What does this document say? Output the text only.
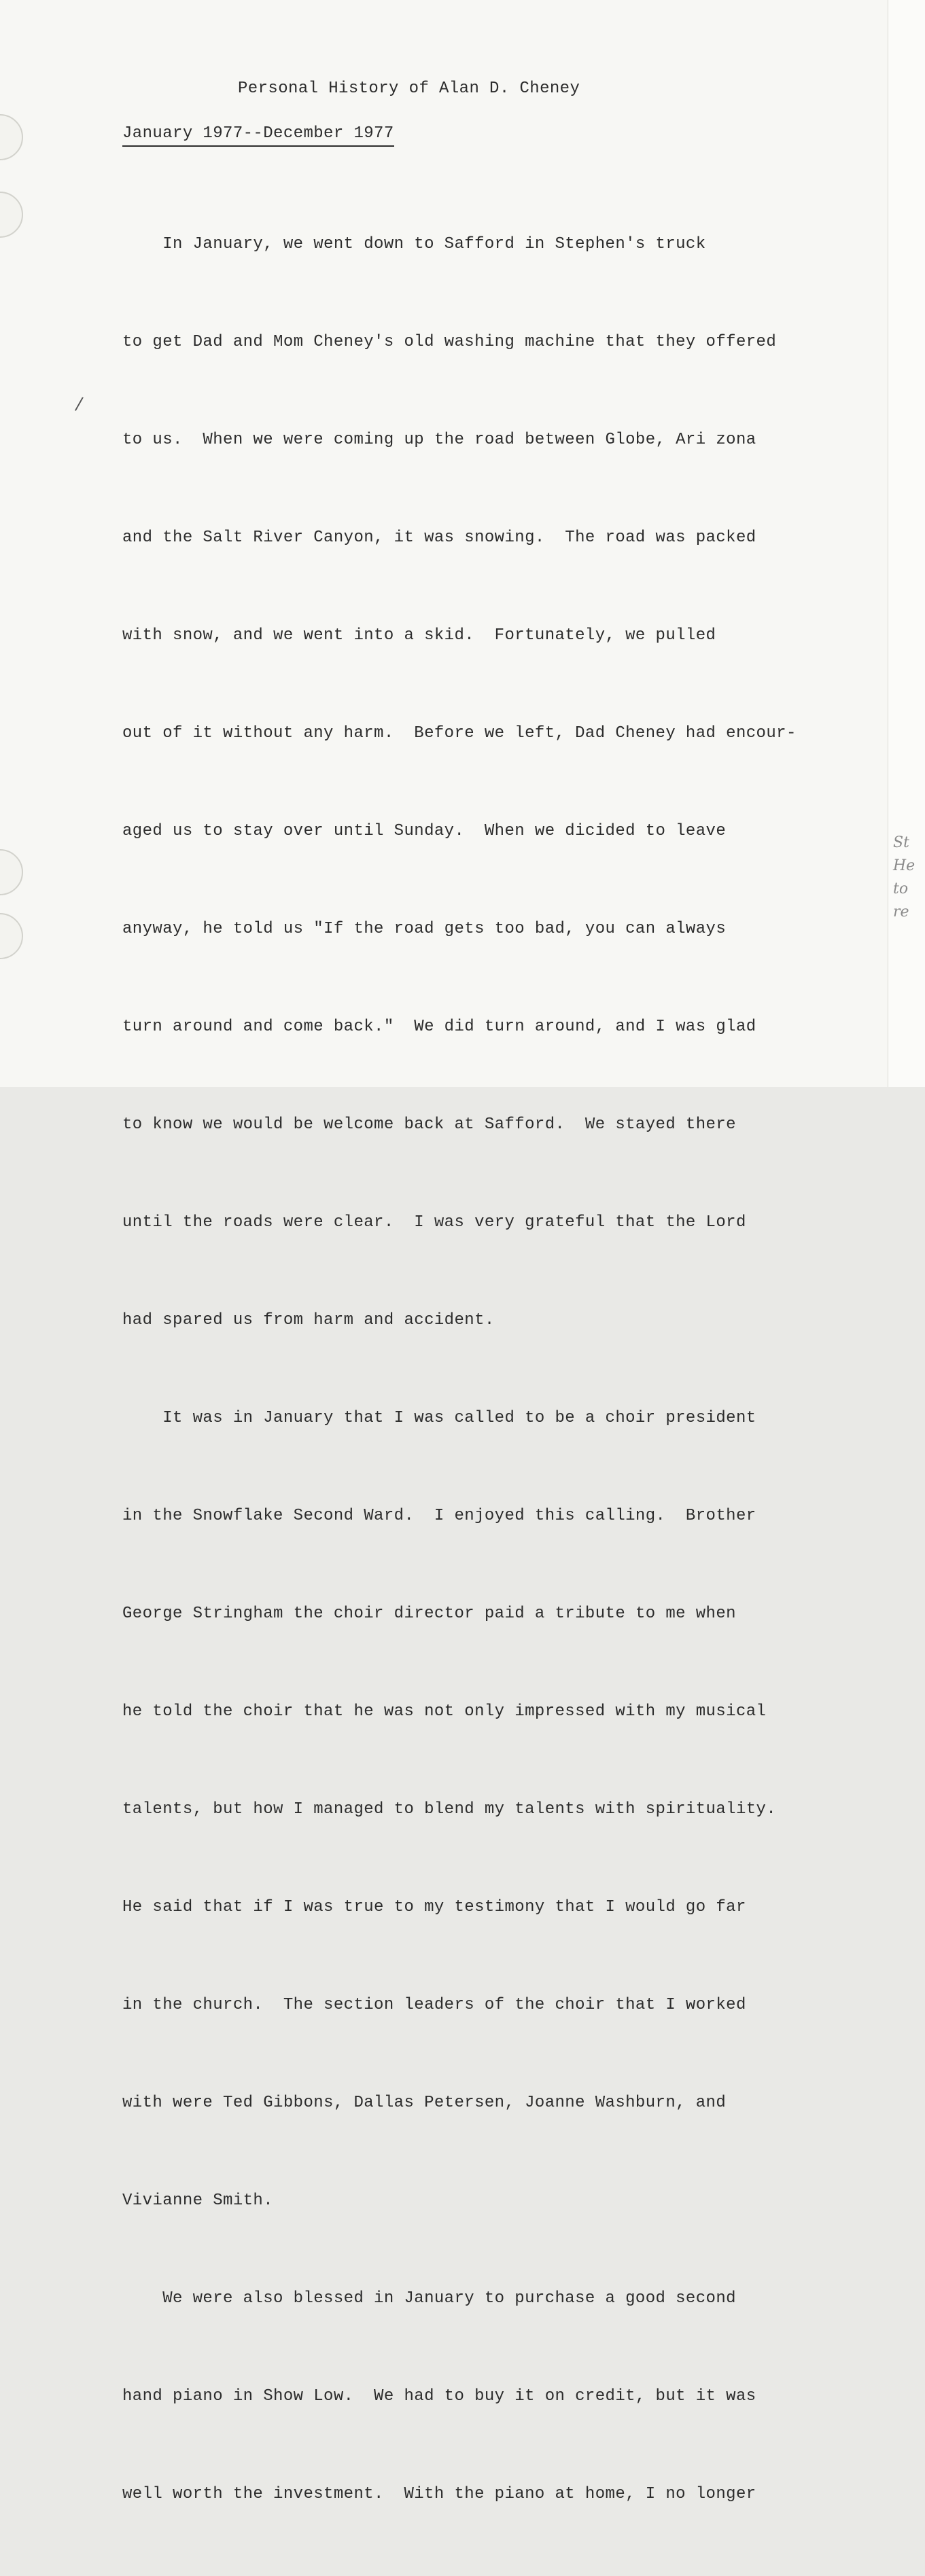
Personal History of Alan D. Cheney
January 1977--December 1977

In January, we went down to Safford in Stephen's truck

to get Dad and Mom Cheney's old washing machine that they offered

to us.  When we were coming up the road between Globe, Ari zona

and the Salt River Canyon, it was snowing.  The road was packed

with snow, and we went into a skid.  Fortunately, we pulled

out of it without any harm.  Before we left, Dad Cheney had encour-

aged us to stay over until Sunday.  When we dicided to leave

anyway, he told us "If the road gets too bad, you can always

turn around and come back."  We did turn around, and I was glad

to know we would be welcome back at Safford.  We stayed there

until the roads were clear.  I was very grateful that the Lord

had spared us from harm and accident.

It was in January that I was called to be a choir president

in the Snowflake Second Ward.  I enjoyed this calling.  Brother

George Stringham the choir director paid a tribute to me when

he told the choir that he was not only impressed with my musical

talents, but how I managed to blend my talents with spirituality.

He said that if I was true to my testimony that I would go far

in the church.  The section leaders of the choir that I worked

with were Ted Gibbons, Dallas Petersen, Joanne Washburn, and

Vivianne Smith.

We were also blessed in January to purchase a good second

hand piano in Show Low.  We had to buy it on credit, but it was

well worth the investment.  With the piano at home, I no longer

/
St
He
to
re
